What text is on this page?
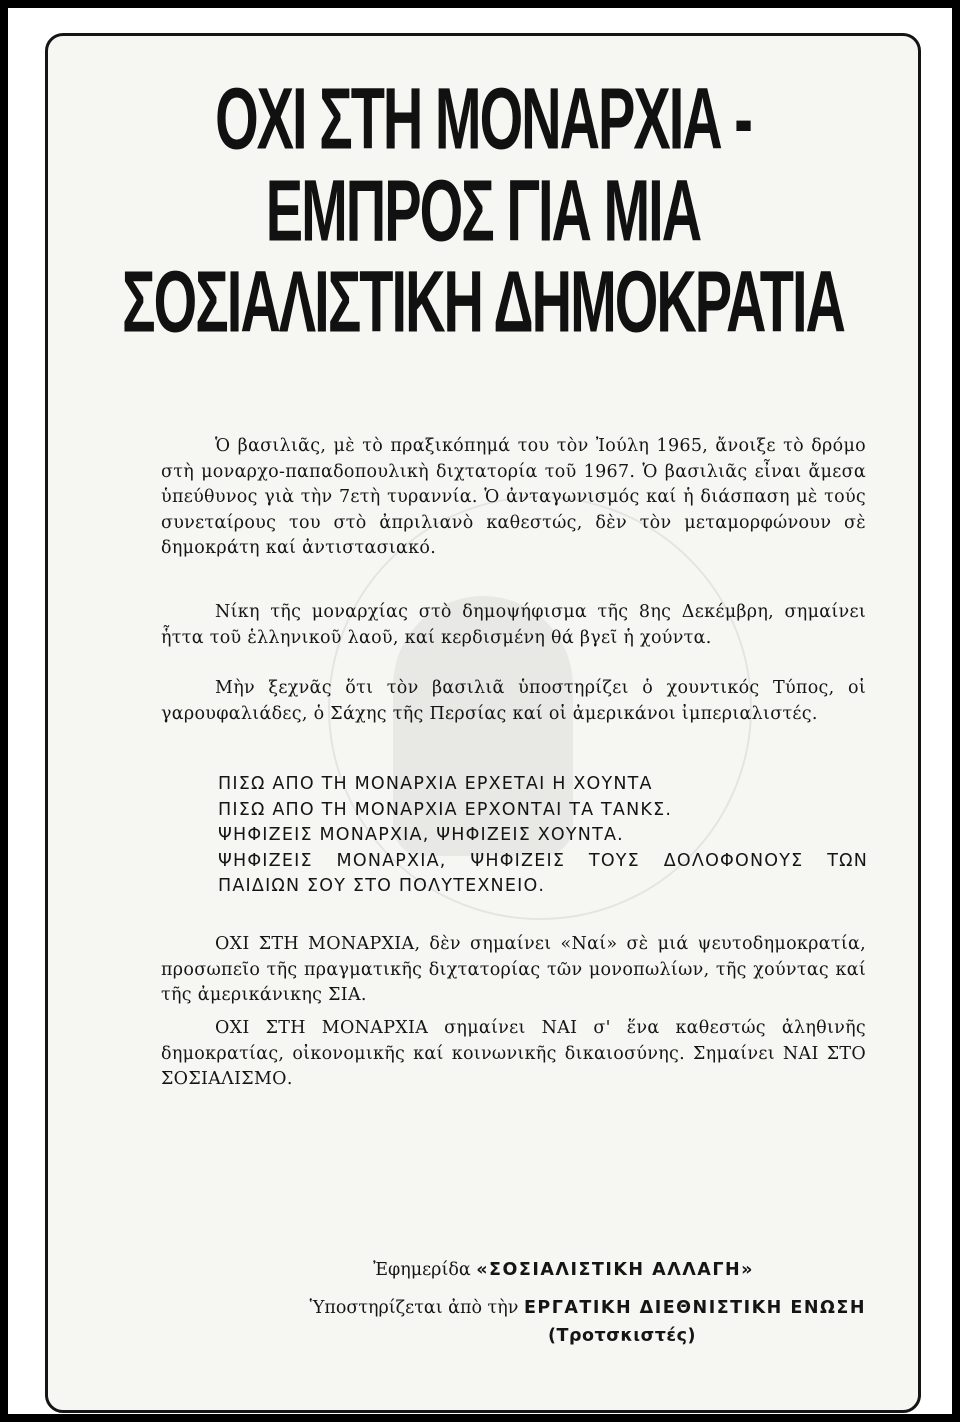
ΟΧΙ ΣΤΗ ΜΟΝΑΡΧΙΑ -
ΕΜΠΡΟΣ ΓΙΑ ΜΙΑ
ΣΟΣΙΑΛΙΣΤΙΚΗ ΔΗΜΟΚΡΑΤΙΑ
Ὁ βασιλιᾶς, μὲ τὸ πραξικόπημά του τὸν Ἰούλη 1965, ἄνοιξε τὸ δρόμο στὴ μοναρχο-παπαδοπουλικὴ διχτατορία τοῦ 1967. Ὁ βασιλιᾶς εἶναι ἄμεσα ὑπεύθυνος γιὰ τὴν 7ετὴ τυραννία. Ὁ ἀνταγωνισμός καί ἡ διάσπαση μὲ τούς συνεταίρους του στὸ ἀπριλιανὸ καθεστώς, δὲν τὸν μεταμορφώνουν σὲ δημοκράτη καί ἀντιστασιακό.
Νίκη τῆς μοναρχίας στὸ δημοψήφισμα τῆς 8ης Δεκέμβρη, σημαίνει ἧττα τοῦ ἑλληνικοῦ λαοῦ, καί κερδισμένη θά βγεῖ ἡ χούντα.
Μὴν ξεχνᾶς ὅτι τὸν βασιλιᾶ ὑποστηρίζει ὁ χουντικός Τύπος, οἱ γαρουφαλιάδες, ὁ Σάχης τῆς Περσίας καί οἱ ἀμερικάνοι ἰμπεριαλιστές.
ΠΙΣΩ ΑΠΟ ΤΗ ΜΟΝΑΡΧΙΑ ΕΡΧΕΤΑΙ Η ΧΟΥΝΤΑ
ΠΙΣΩ ΑΠΟ ΤΗ ΜΟΝΑΡΧΙΑ ΕΡΧΟΝΤΑΙ ΤΑ ΤΑΝΚΣ.
ΨΗΦΙΖΕΙΣ ΜΟΝΑΡΧΙΑ, ΨΗΦΙΖΕΙΣ ΧΟΥΝΤΑ.
ΨΗΦΙΖΕΙΣ ΜΟΝΑΡΧΙΑ, ΨΗΦΙΖΕΙΣ ΤΟΥΣ ΔΟΛΟΦΟΝΟΥΣ ΤΩΝ ΠΑΙΔΙΩΝ ΣΟΥ ΣΤΟ ΠΟΛΥΤΕΧΝΕΙΟ.
ΟΧΙ ΣΤΗ ΜΟΝΑΡΧΙΑ, δὲν σημαίνει «Ναί» σὲ μιά ψευτοδημοκρατία, προσωπεῖο τῆς πραγματικῆς διχτατορίας τῶν μονοπωλίων, τῆς χούντας καί τῆς ἀμερικάνικης ΣΙΑ.
ΟΧΙ ΣΤΗ ΜΟΝΑΡΧΙΑ σημαίνει ΝΑΙ σ' ἕνα καθεστώς ἀληθινῆς δημοκρατίας, οἰκονομικῆς καί κοινωνικῆς δικαιοσύνης. Σημαίνει ΝΑΙ ΣΤΟ ΣΟΣΙΑΛΙΣΜΟ.
Ἐφημερίδα «ΣΟΣΙΑΛΙΣΤΙΚΗ ΑΛΛΑΓΗ»
Ὑποστηρίζεται ἀπὸ τὴν ΕΡΓΑΤΙΚΗ ΔΙΕΘΝΙΣΤΙΚΗ ΕΝΩΣΗ
(Τροτσκιστές)
